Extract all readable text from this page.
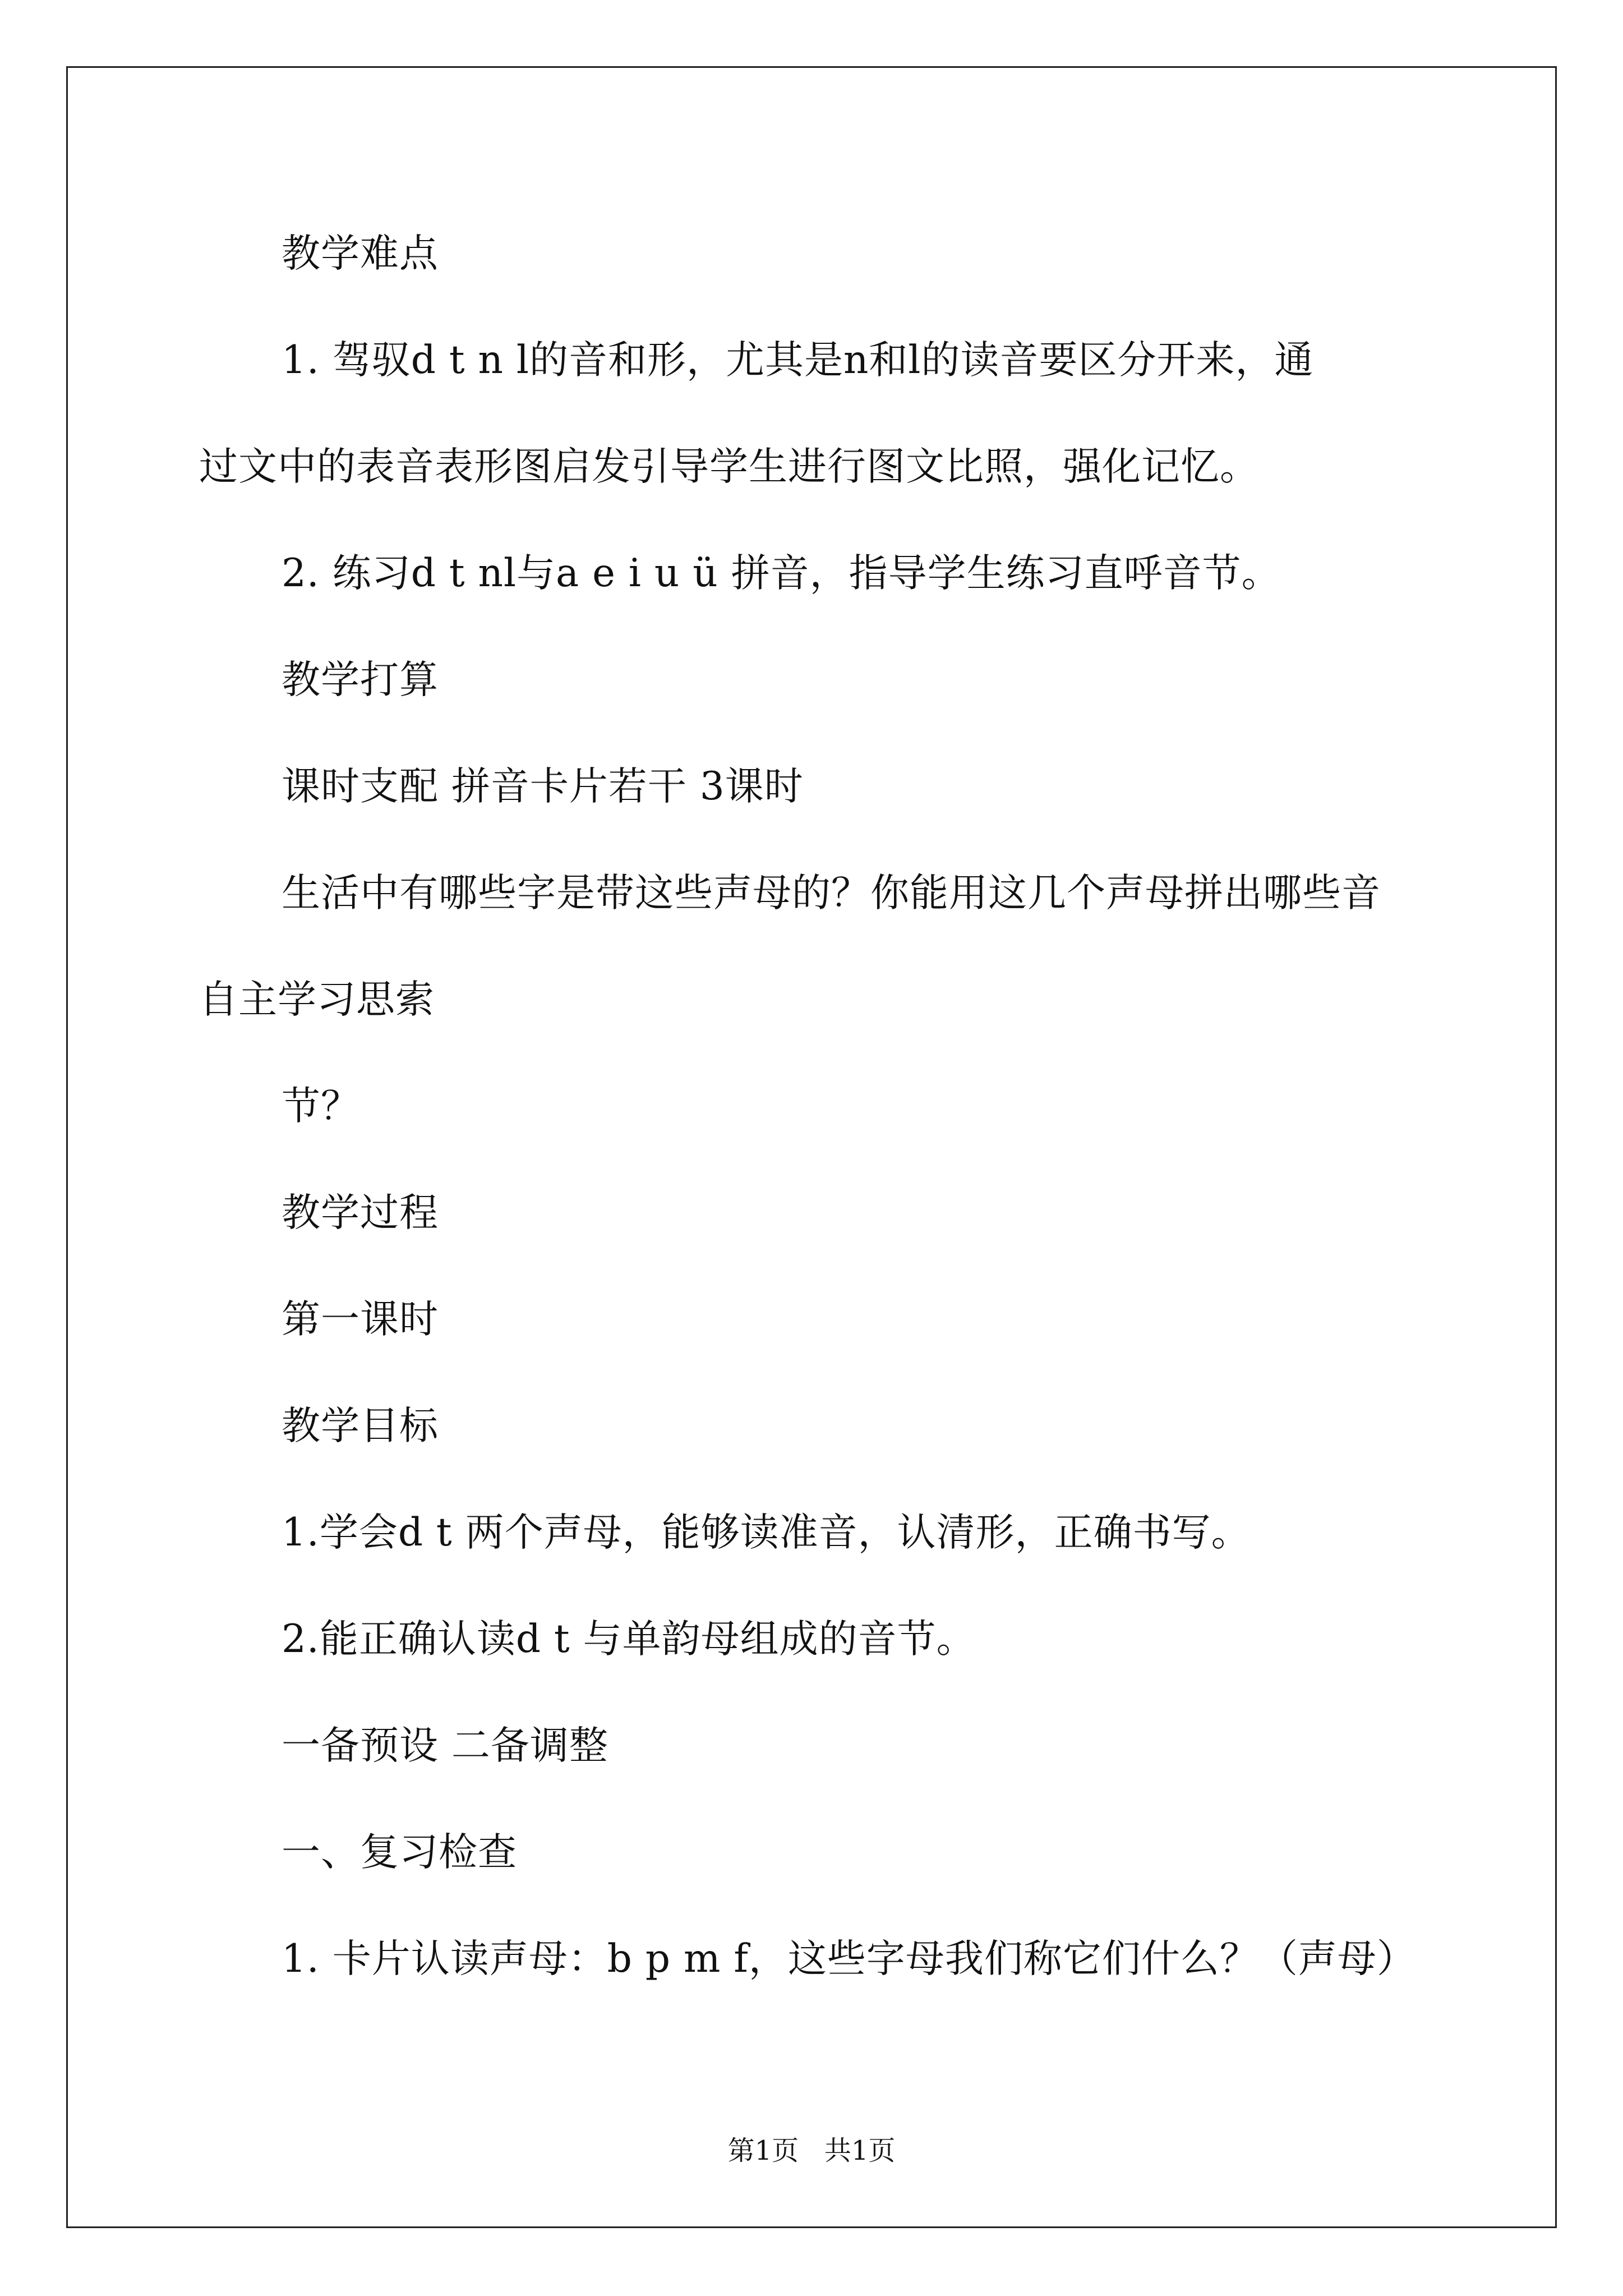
教学难点
1. 驾驭d t n l的音和形，尤其是n和l的读音要区分开来，通
过文中的表音表形图启发引导学生进行图文比照，强化记忆。
2. 练习d t nl与a e i u ü 拼音，指导学生练习直呼音节。
教学打算
课时支配 拼音卡片若干 3课时
生活中有哪些字是带这些声母的？你能用这几个声母拼出哪些音
自主学习思索
节？
教学过程
第一课时
教学目标
1.学会d t 两个声母，能够读准音，认清形，正确书写。
2.能正确认读d t 与单韵母组成的音节。
一备预设 二备调整
一、复习检查
1. 卡片认读声母：b p m f，这些字母我们称它们什么？（声母）
第1页   共1页
